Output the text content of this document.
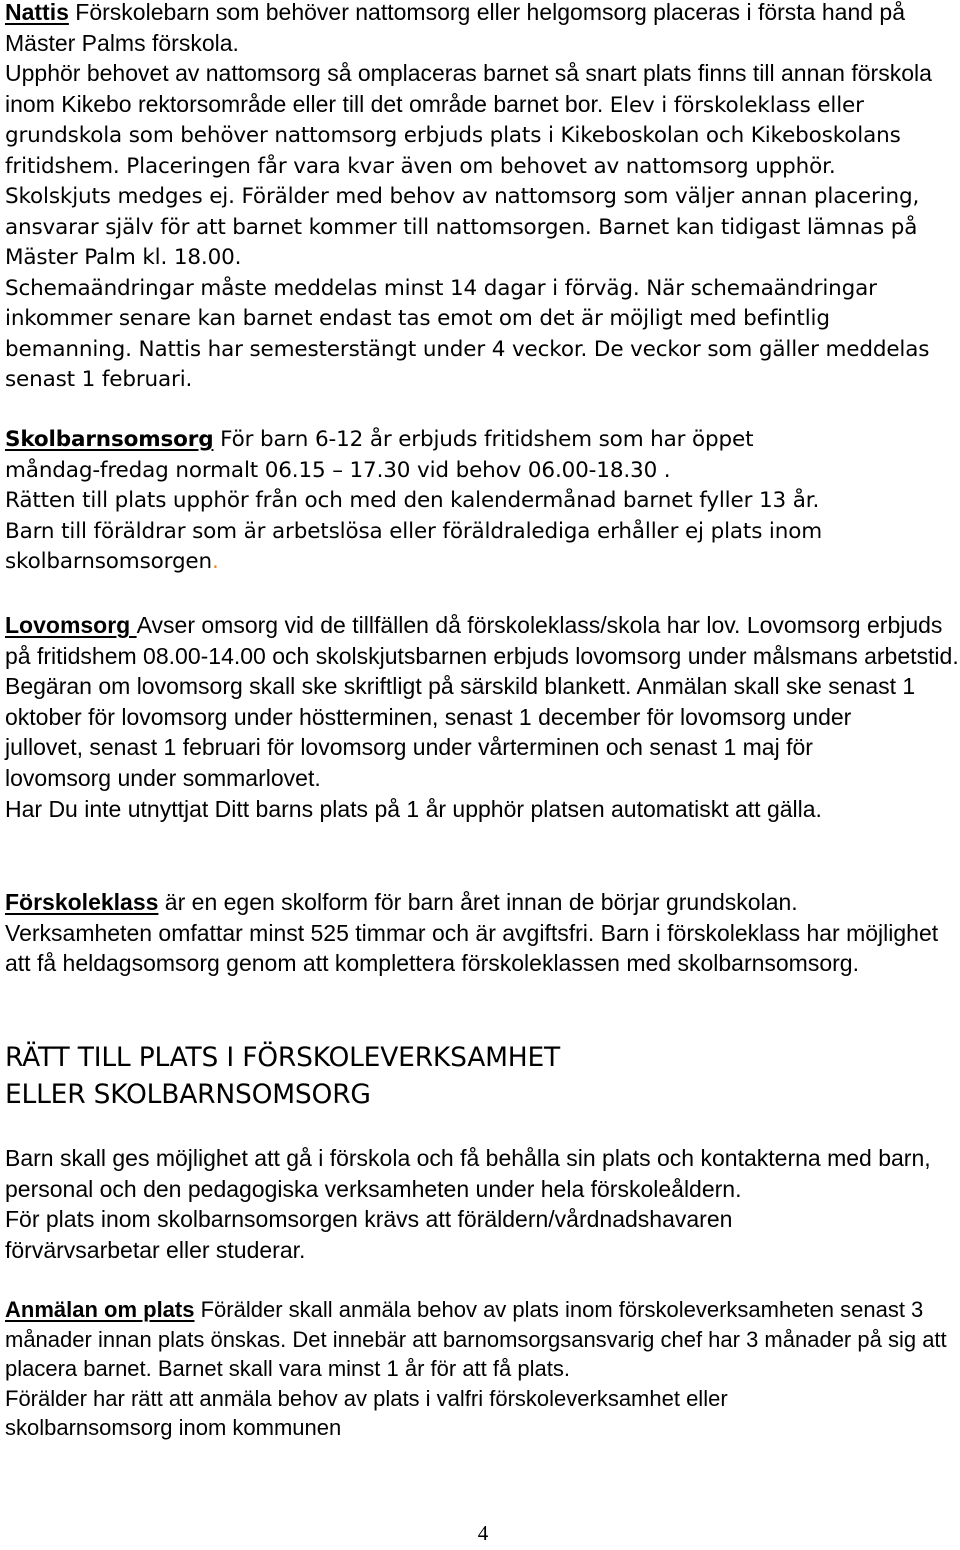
Nattis Förskolebarn som behöver nattomsorg eller helgomsorg placeras i första hand på Mäster Palms förskola.
Upphör behovet av nattomsorg så omplaceras barnet så snart plats finns till annan förskola inom Kikebo rektorsområde eller till det område barnet bor. Elev i förskoleklass eller grundskola som behöver nattomsorg erbjuds plats i Kikeboskolan och Kikeboskolans fritidshem. Placeringen får vara kvar även om behovet av nattomsorg upphör. Skolskjuts medges ej. Förälder med behov av nattomsorg som väljer annan placering, ansvarar själv för att barnet kommer till nattomsorgen. Barnet kan tidigast lämnas på Mäster Palm kl. 18.00.
Schemaändringar måste meddelas minst 14 dagar i förväg. När schemaändringar inkommer senare kan barnet endast tas emot om det är möjligt med befintlig bemanning. Nattis har semesterstängt under 4 veckor. De veckor som gäller meddelas senast 1 februari.
Skolbarnsomsorg För barn 6-12 år erbjuds fritidshem som har öppet måndag-fredag normalt 06.15 – 17.30 vid behov 06.00-18.30 .
Rätten till plats upphör från och med den kalendermånad barnet fyller 13 år.
Barn till föräldrar som är arbetslösa eller föräldralediga erhåller ej plats inom skolbarnsomsorgen.
Lovomsorg Avser omsorg vid de tillfällen då förskoleklass/skola har lov. Lovomsorg erbjuds på fritidshem 08.00-14.00 och skolskjutsbarnen erbjuds lovomsorg under målsmans arbetstid.
Begäran om lovomsorg skall ske skriftligt på särskild blankett. Anmälan skall ske senast 1 oktober för lovomsorg under höstterminen, senast 1 december för lovomsorg under jullovet, senast 1 februari för lovomsorg under vårterminen och senast 1 maj för lovomsorg under sommarlovet.
Har Du inte utnyttjat Ditt barns plats på 1 år upphör platsen automatiskt att gälla.
Förskoleklass är en egen skolform för barn året innan de börjar grundskolan.
Verksamheten omfattar minst 525 timmar och är avgiftsfri. Barn i förskoleklass har möjlighet att få heldagsomsorg genom att komplettera förskoleklassen med skolbarnsomsorg.
RÄTT TILL PLATS I FÖRSKOLEVERKSAMHET
ELLER SKOLBARNSOMSORG
Barn skall ges möjlighet att gå i förskola och få behålla sin plats och kontakterna med barn, personal och den pedagogiska verksamheten under hela förskoleåldern.
För plats inom skolbarnsomsorgen krävs att föräldern/vårdnadshavaren förvärvsarbetar eller studerar.
Anmälan om plats Förälder skall anmäla behov av plats inom förskoleverksamheten senast 3 månader innan plats önskas. Det innebär att barnomsorgsansvarig chef har 3 månader på sig att placera barnet. Barnet skall vara minst 1 år för att få plats.
Förälder har rätt att anmäla behov av plats i valfri förskoleverksamhet eller skolbarnsomsorg inom kommunen
4
